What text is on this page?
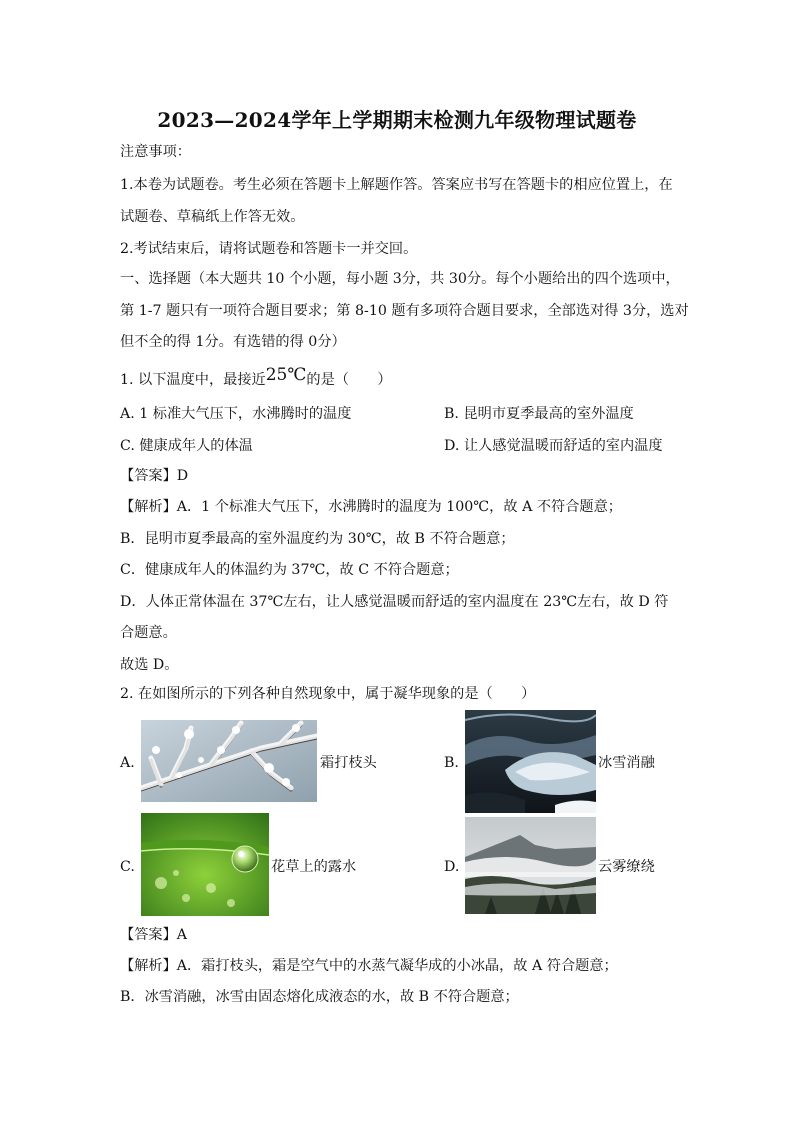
2023—2024学年上学期期末检测九年级物理试题卷
注意事项：
1.本卷为试题卷。考生必须在答题卡上解题作答。答案应书写在答题卡的相应位置上，在
试题卷、草稿纸上作答无效。
2.考试结束后，请将试题卷和答题卡一并交回。
一、选择题（本大题共 10 个小题，每小题 3分，共 30分。每个小题给出的四个选项中，
第 1-7 题只有一项符合题目要求；第 8-10 题有多项符合题目要求，全部选对得 3分，选对
但不全的得 1分。有选错的得 0分）
1. 以下温度中，最接近25℃的是（　　）
A. 1 标准大气压下，水沸腾时的温度	B. 昆明市夏季最高的室外温度
C. 健康成年人的体温	D. 让人感觉温暖而舒适的室内温度
【答案】D
【解析】A．1 个标准大气压下，水沸腾时的温度为 100℃，故 A 不符合题意；
B．昆明市夏季最高的室外温度约为 30℃，故 B 不符合题意；
C．健康成年人的体温约为 37℃，故 C 不符合题意；
D．人体正常体温在 37℃左右，让人感觉温暖而舒适的室内温度在 23℃左右，故 D 符
合题意。
故选 D。
2. 在如图所示的下列各种自然现象中，属于凝华现象的是（　　）
A.	霜打枝头	B.	冰雪消融
C.	花草上的露水	D.	云雾缭绕
【答案】A
【解析】A．霜打枝头，霜是空气中的水蒸气凝华成的小冰晶，故 A 符合题意；
B．冰雪消融，冰雪由固态熔化成液态的水，故 B 不符合题意；
